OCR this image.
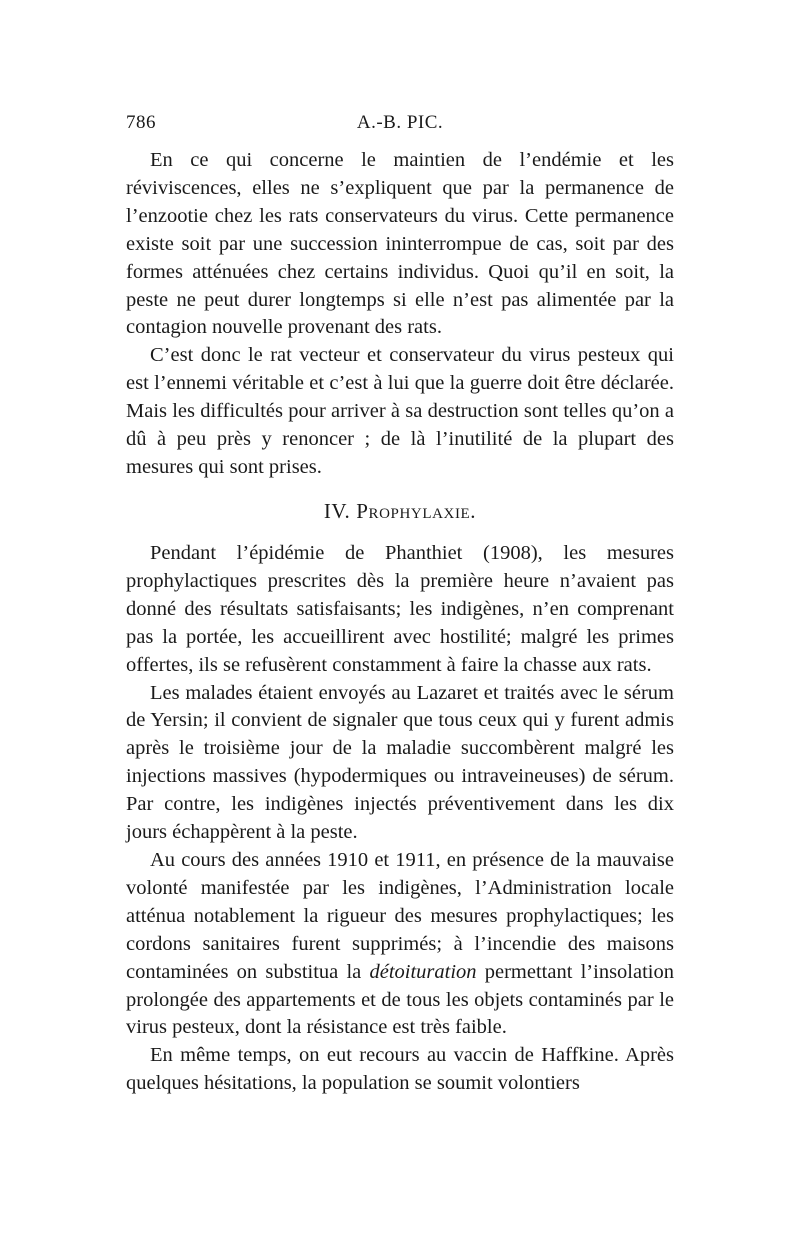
786	A.-B. PIC.

En ce qui concerne le maintien de l’endémie et les réviviscences, elles ne s’expliquent que par la permanence de l’enzootie chez les rats conservateurs du virus. Cette permanence existe soit par une succession ininterrompue de cas, soit par des formes atténuées chez certains individus. Quoi qu’il en soit, la peste ne peut durer longtemps si elle n’est pas alimentée par la contagion nouvelle provenant des rats.

C’est donc le rat vecteur et conservateur du virus pesteux qui est l’ennemi véritable et c’est à lui que la guerre doit être déclarée. Mais les difficultés pour arriver à sa destruction sont telles qu’on a dû à peu près y renoncer ; de là l’inutilité de la plupart des mesures qui sont prises.

IV. Prophylaxie.

Pendant l’épidémie de Phanthiet (1908), les mesures prophylactiques prescrites dès la première heure n’avaient pas donné des résultats satisfaisants; les indigènes, n’en comprenant pas la portée, les accueillirent avec hostilité; malgré les primes offertes, ils se refusèrent constamment à faire la chasse aux rats.

Les malades étaient envoyés au Lazaret et traités avec le sérum de Yersin; il convient de signaler que tous ceux qui y furent admis après le troisième jour de la maladie succombèrent malgré les injections massives (hypodermiques ou intraveineuses) de sérum. Par contre, les indigènes injectés préventivement dans les dix jours échappèrent à la peste.

Au cours des années 1910 et 1911, en présence de la mauvaise volonté manifestée par les indigènes, l’Administration locale atténua notablement la rigueur des mesures prophylactiques; les cordons sanitaires furent supprimés; à l’incendie des maisons contaminées on substitua la détoituration permettant l’insolation prolongée des appartements et de tous les objets contaminés par le virus pesteux, dont la résistance est très faible.

En même temps, on eut recours au vaccin de Haffkine. Après quelques hésitations, la population se soumit volontiers
